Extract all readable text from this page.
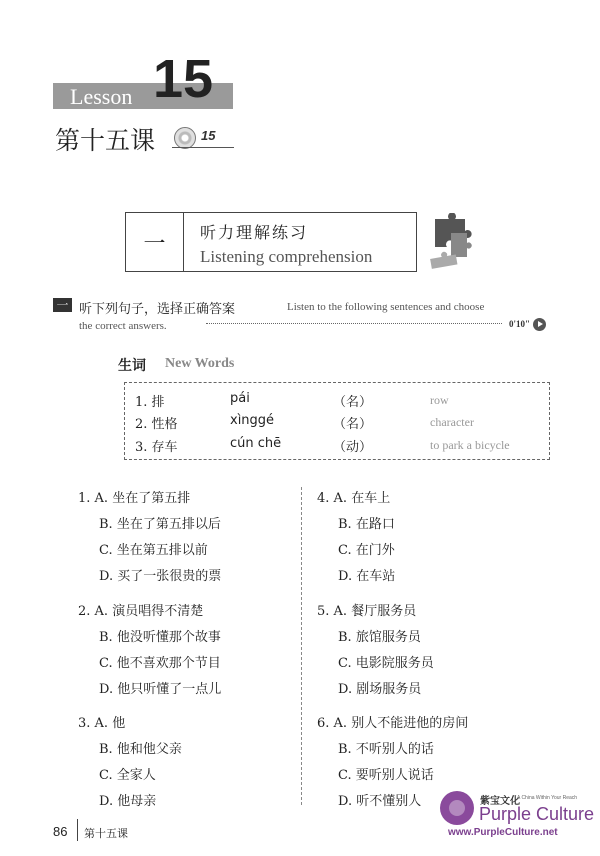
Lesson 15
第十五课	15
一	听力理解练习
Listening comprehension
一 听下列句子，选择正确答案	Listen to the following sentences and choose
the correct answers.	0'10"
生词 New Words
1. 排	pái	（名）	row
2. 性格	xìnggé	（名）	character
3. 存车	cún chē	（动）	to park a bicycle
1. A. 坐在了第五排
B. 坐在了第五排以后
C. 坐在第五排以前
D. 买了一张很贵的票
2. A. 演员唱得不清楚
B. 他没听懂那个故事
C. 他不喜欢那个节目
D. 他只听懂了一点儿
3. A. 他
B. 他和他父亲
C. 全家人
D. 他母亲
4. A. 在车上
B. 在路口
C. 在门外
D. 在车站
5. A. 餐厅服务员
B. 旅馆服务员
C. 电影院服务员
D. 剧场服务员
6. A. 别人不能进他的房间
B. 不听别人的话
C. 要听别人说话
D. 听不懂别人
86 第十五课
紫宝文化
A China Within Your Reach
Purple Culture
www.PurpleCulture.net
